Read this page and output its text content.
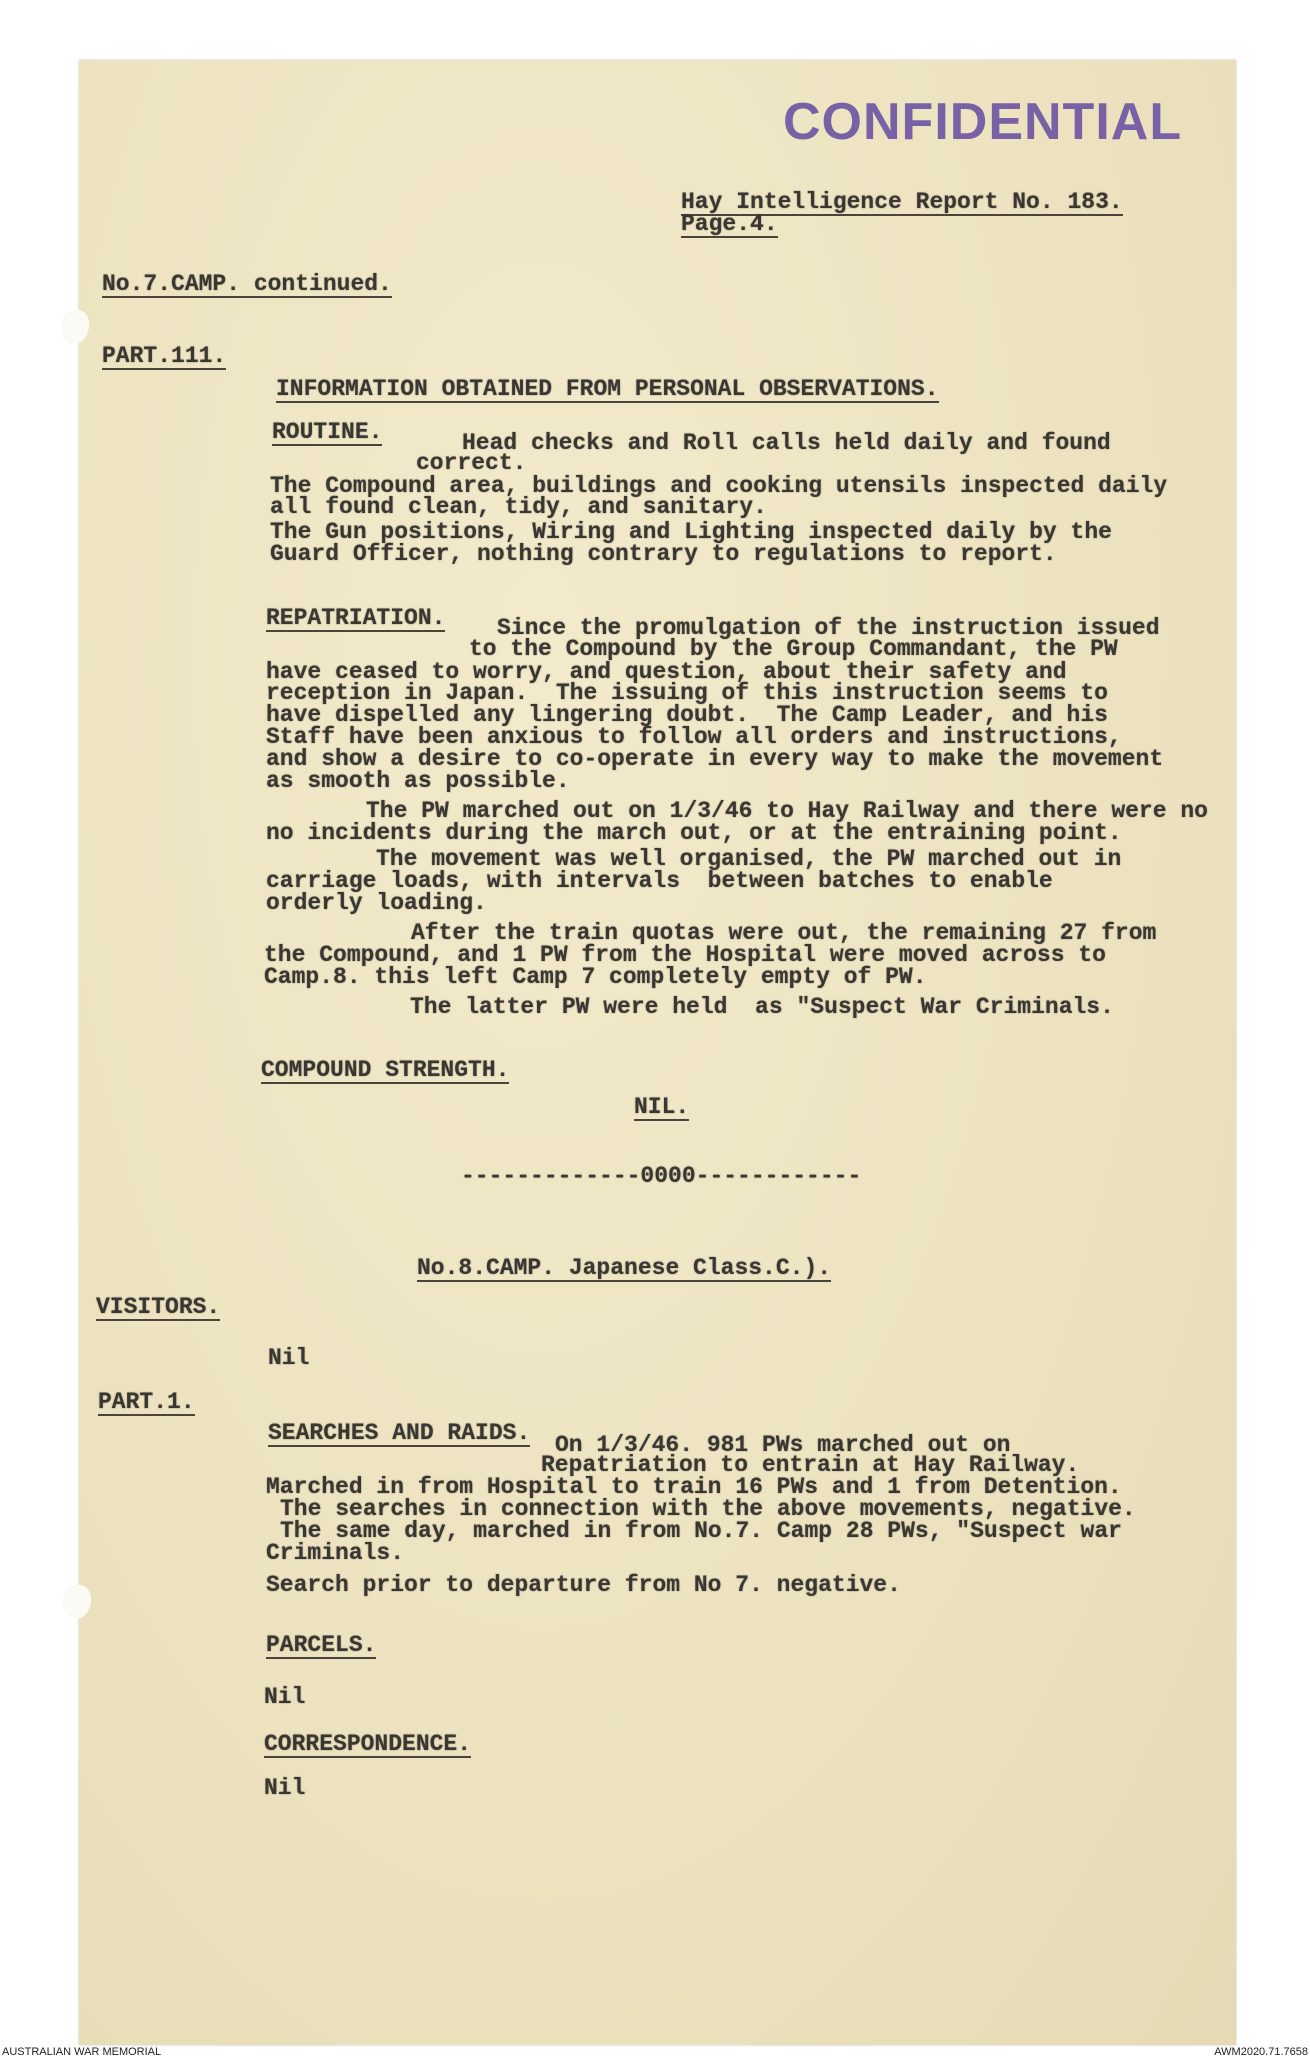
CONFIDENTIAL

Hay Intelligence Report No. 183.

Page.4.

No.7.CAMP. continued.

PART.111.

INFORMATION OBTAINED FROM PERSONAL OBSERVATIONS.

ROUTINE.	Head checks and Roll calls held daily and found

correct.

The Compound area, buildings and cooking utensils inspected daily

all found clean, tidy, and sanitary.

The Gun positions, Wiring and Lighting inspected daily by the

Guard Officer, nothing contrary to regulations to report.

REPATRIATION. Since the promulgation of the instruction issued

to the Compound by the Group Commandant, the PW

have ceased to worry, and question, about their safety and

reception in Japan.  The issuing of this instruction seems to

have dispelled any lingering doubt.  The Camp Leader, and his

Staff have been anxious to follow all orders and instructions,

and show a desire to co-operate in every way to make the movement

as smooth as possible.

The PW marched out on 1/3/46 to Hay Railway and there were no

no incidents during the march out, or at the entraining point.

The movement was well organised, the PW marched out in

carriage loads, with intervals  between batches to enable

orderly loading.

After the train quotas were out, the remaining 27 from

the Compound, and 1 PW from the Hospital were moved across to

Camp.8. this left Camp 7 completely empty of PW.

The latter PW were held  as "Suspect War Criminals.

COMPOUND STRENGTH.

NIL.

-------------0000------------

No.8.CAMP. Japanese Class.C.).

VISITORS.

Nil

PART.1.

SEARCHES AND RAIDS. On 1/3/46. 981 PWs marched out on

Repatriation to entrain at Hay Railway.

Marched in from Hospital to train 16 PWs and 1 from Detention.

The searches in connection with the above movements, negative.

The same day, marched in from No.7. Camp 28 PWs, "Suspect war

Criminals.

Search prior to departure from No 7. negative.

PARCELS.

Nil

CORRESPONDENCE.

Nil

AUSTRALIAN WAR MEMORIAL	AWM2020.71.7658
